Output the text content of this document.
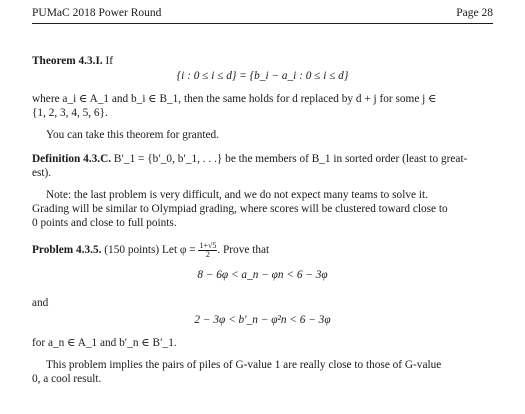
PUMaC 2018 Power Round	Page 28

Theorem 4.3.I. If

{i : 0 ≤ i ≤ d} = {b_i − a_i : 0 ≤ i ≤ d}

where a_i ∈ A_1 and b_i ∈ B_1, then the same holds for d replaced by d + j for some j ∈

{1, 2, 3, 4, 5, 6}.

You can take this theorem for granted.

Definition 4.3.C. B′_1 = {b′_0, b′_1, . . .} be the members of B_1 in sorted order (least to great-

est).

Note: the last problem is very difficult, and we do not expect many teams to solve it.

Grading will be similar to Olympiad grading, where scores will be clustered toward close to

0 points and close to full points.

Problem 4.3.5. (150 points) Let $\varphi = \frac{1+√5}{2}$ . Prove that

8 − 6φ < a_n − φn < 6 − 3φ

and

2 − 3φ < b′_n − φ²n < 6 − 3φ

for a_n ∈ A_1 and b′_n ∈ B′_1.

This problem implies the pairs of piles of G-value 1 are really close to those of G-value

0, a cool result.
